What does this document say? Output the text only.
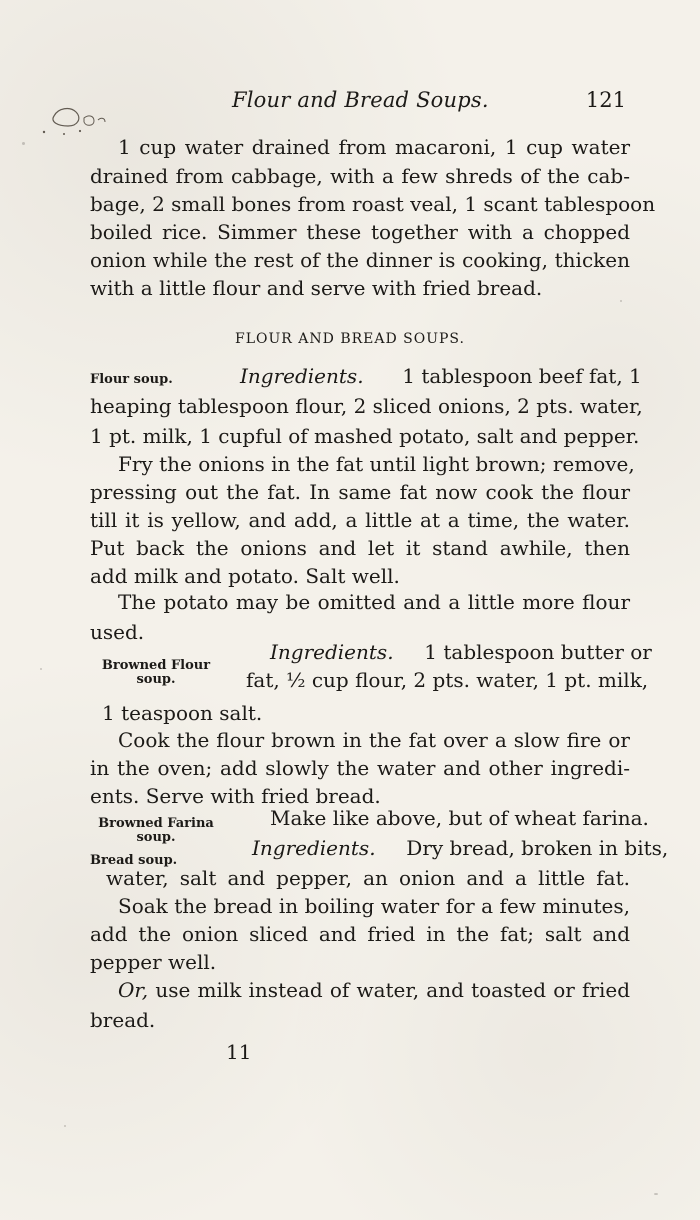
Flour and Bread Soups.	121
1 cup water drained from macaroni, 1 cup water
drained from cabbage, with a few shreds of the cab-
bage, 2 small bones from roast veal, 1 scant tablespoon
boiled rice. Simmer these together with a chopped
onion while the rest of the dinner is cooking, thicken
with a little flour and serve with fried bread.
FLOUR AND BREAD SOUPS.
Flour soup.	Ingredients. 1 tablespoon beef fat, 1
heaping tablespoon flour, 2 sliced onions, 2 pts. water,
1 pt. milk, 1 cupful of mashed potato, salt and pepper.
Fry the onions in the fat until light brown; remove,
pressing out the fat. In same fat now cook the flour
till it is yellow, and add, a little at a time, the water.
Put back the onions and let it stand awhile, then
add milk and potato. Salt well.
The potato may be omitted and a little more flour
used.
Browned Flour
soup.
Ingredients. 1 tablespoon butter or
fat, ½ cup flour, 2 pts. water, 1 pt. milk,
1 teaspoon salt.
Cook the flour brown in the fat over a slow fire or
in the oven; add slowly the water and other ingredi-
ents. Serve with fried bread.
Browned Farina
soup.
Make like above, but of wheat farina.
Bread soup.
Ingredients. Dry bread, broken in bits,
water, salt and pepper, an onion and a little fat.
Soak the bread in boiling water for a few minutes,
add the onion sliced and fried in the fat; salt and
pepper well.
Or, use milk instead of water, and toasted or fried
bread.
11
